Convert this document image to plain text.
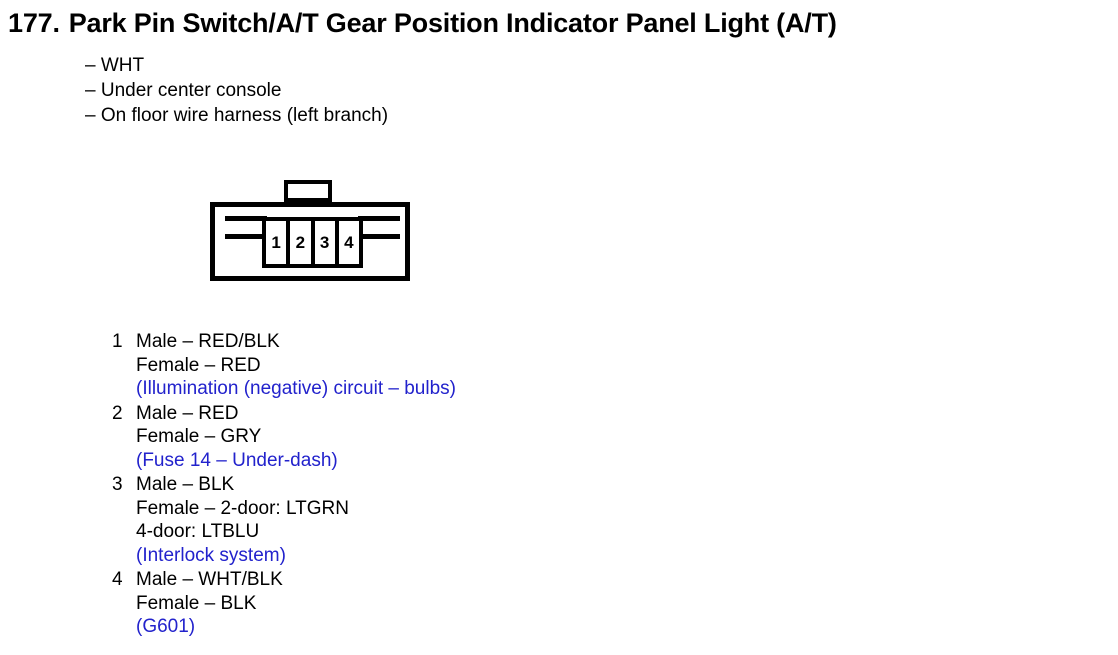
177. Park Pin Switch/A/T Gear Position Indicator Panel Light (A/T)
– WHT
– Under center console
– On floor wire harness (left branch)
1 2 3 4
1 Male – RED/BLK
Female – RED
(Illumination (negative) circuit – bulbs)
2 Male – RED
Female – GRY
(Fuse 14 – Under-dash)
3 Male – BLK
Female – 2-door: LTGRN
4-door: LTBLU
(Interlock system)
4 Male – WHT/BLK
Female – BLK
(G601)
